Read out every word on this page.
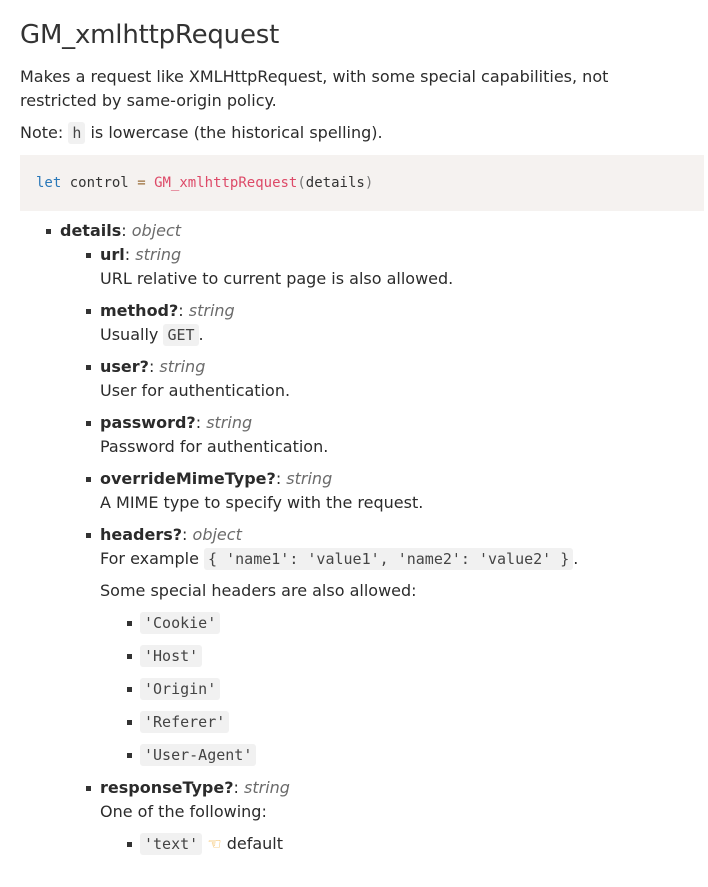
GM_xmlhttpRequest

Makes a request like XMLHttpRequest, with some special capabilities, not restricted by same-origin policy.

Note: h is lowercase (the historical spelling).

let control = GM_xmlhttpRequest(details)
details: object
url: string
URL relative to current page is also allowed.
method?: string
Usually GET .
user?: string
User for authentication.
password?: string
Password for authentication.
overrideMimeType?: string
A MIME type to specify with the request.
headers?: object
For example { 'name1': 'value1', 'name2': 'value2' } .

Some special headers are also allowed:

'Cookie'
'Host'
'Origin'
'Referer'
'User-Agent'
responseType?: string
One of the following:
'text' ☜ default
